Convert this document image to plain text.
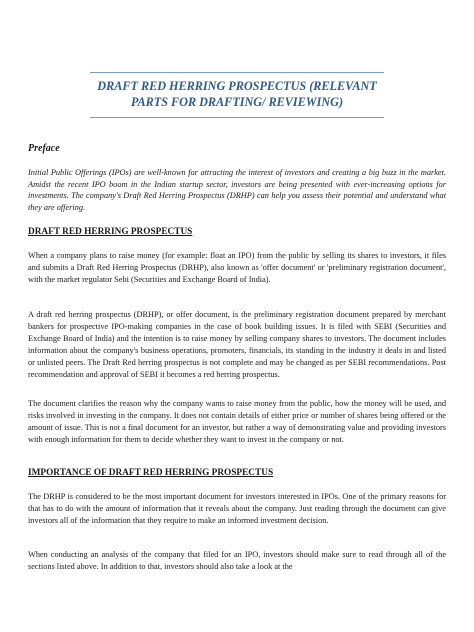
DRAFT RED HERRING PROSPECTUS (RELEVANT PARTS FOR DRAFTING/ REVIEWING)
Preface
Initial Public Offerings (IPOs) are well-known for attracting the interest of investors and creating a big buzz in the market. Amidst the recent IPO boom in the Indian startup sector, investors are being presented with ever-increasing options for investments. The company's Draft Red Herring Prospectus (DRHP) can help you assess their potential and understand what they are offering.
DRAFT RED HERRING PROSPECTUS
When a company plans to raise money (for example: float an IPO) from the public by selling its shares to investors, it files and submits a Draft Red Herring Prospectus (DRHP), also known as 'offer document' or 'preliminary registration document', with the market regulator Sebi (Securities and Exchange Board of India).
A draft red herring prospectus (DRHP), or offer document, is the preliminary registration document prepared by merchant bankers for prospective IPO-making companies in the case of book building issues. It is filed with SEBI (Securities and Exchange Board of India) and the intention is to raise money by selling company shares to investors. The document includes information about the company's business operations, promoters, financials, its standing in the industry it deals in and listed or unlisted peers. The Draft Red herring prospectus is not complete and may be changed as per SEBI recommendations. Post recommendation and approval of SEBI it becomes a red herring prospectus.
The document clarifies the reason why the company wants to raise money from the public, how the money will be used, and risks involved in investing in the company. It does not contain details of either price or number of shares being offered or the amount of issue. This is not a final document for an investor, but rather a way of demonstrating value and providing investors with enough information for them to decide whether they want to invest in the company or not.
IMPORTANCE OF DRAFT RED HERRING PROSPECTUS
The DRHP is considered to be the most important document for investors interested in IPOs. One of the primary reasons for that has to do with the amount of information that it reveals about the company. Just reading through the document can give investors all of the information that they require to make an informed investment decision.
When conducting an analysis of the company that filed for an IPO, investors should make sure to read through all of the sections listed above. In addition to that, investors should also take a look at the
